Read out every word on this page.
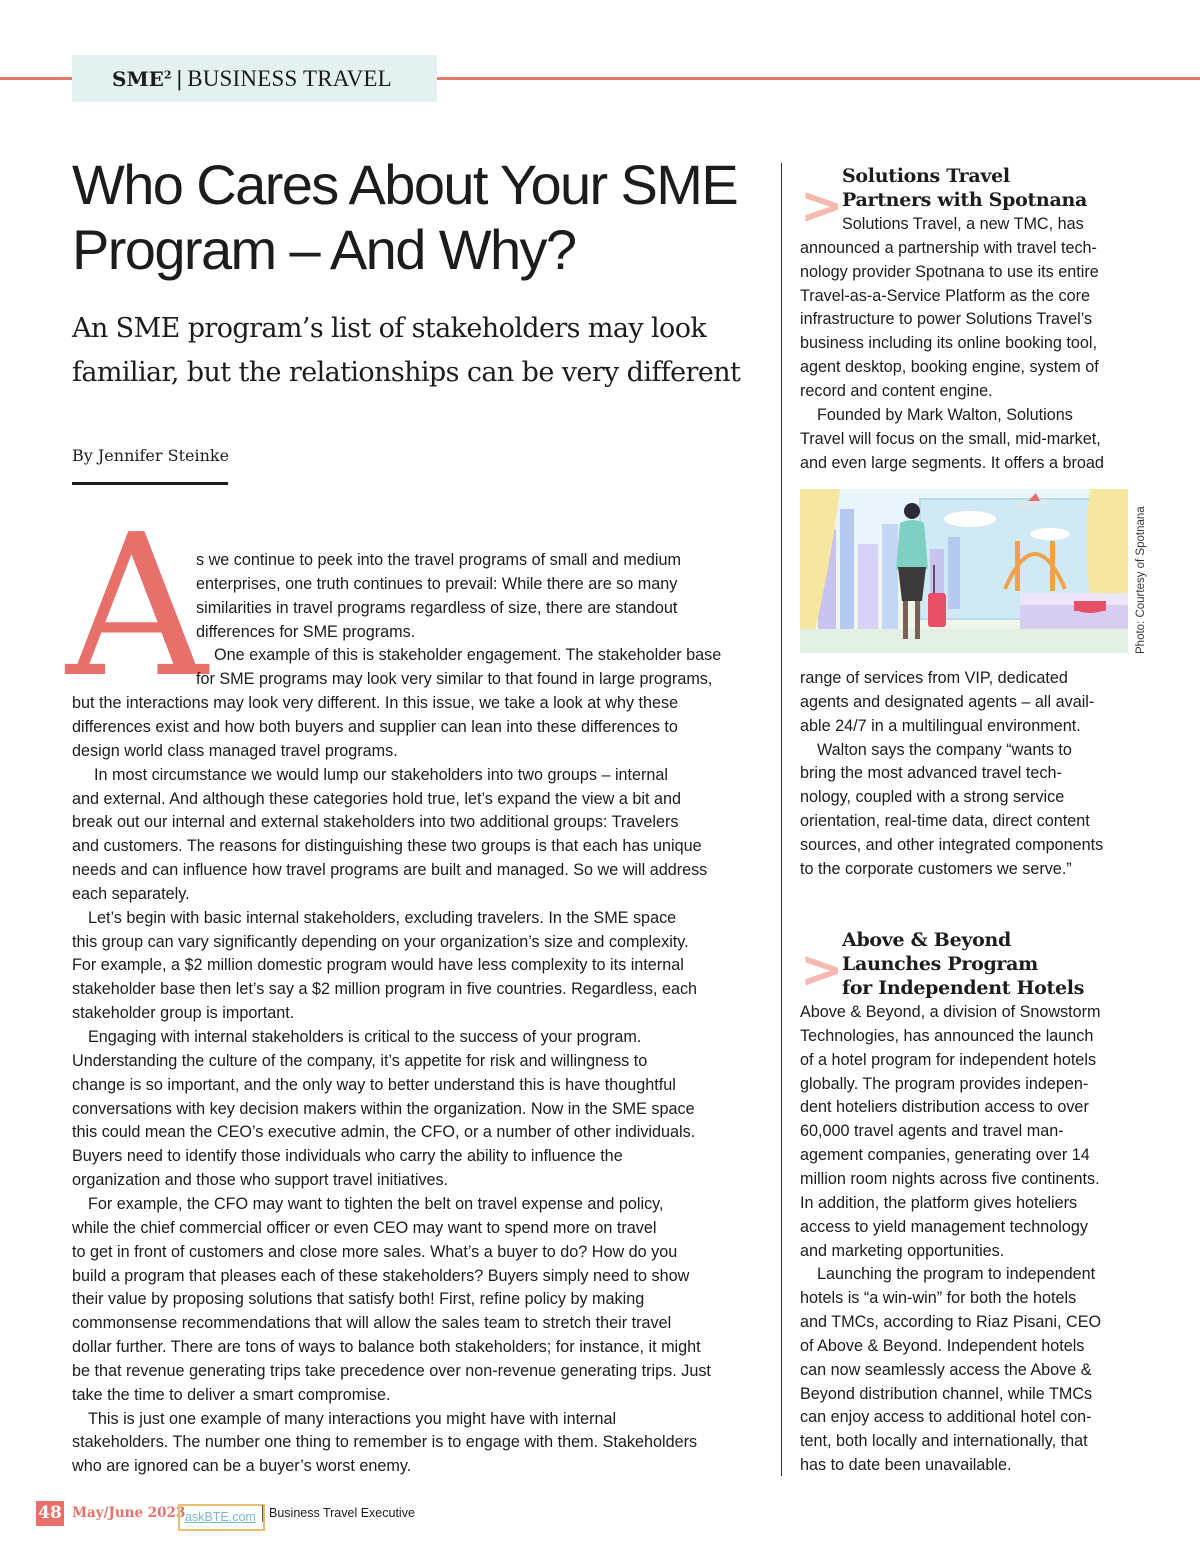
SME$^2$ | BUSINESS TRAVEL
Who Cares About Your SME
Program – And Why?
An SME program’s list of stakeholders may look
familiar, but the relationships can be very different
By Jennifer Steinke
A

s we continue to peek into the travel programs of small and medium

enterprises, one truth continues to prevail: While there are so many

similarities in travel programs regardless of size, there are standout

differences for SME programs.

One example of this is stakeholder engagement. The stakeholder base

for SME programs may look very similar to that found in large programs,

but the interactions may look very different. In this issue, we take a look at why these

differences exist and how both buyers and supplier can lean into these differences to

design world class managed travel programs.

In most circumstance we would lump our stakeholders into two groups – internal

and external. And although these categories hold true, let’s expand the view a bit and

break out our internal and external stakeholders into two additional groups: Travelers

and customers. The reasons for distinguishing these two groups is that each has unique

needs and can influence how travel programs are built and managed. So we will address

each separately.

Let’s begin with basic internal stakeholders, excluding travelers. In the SME space

this group can vary significantly depending on your organization’s size and complexity.

For example, a $2 million domestic program would have less complexity to its internal

stakeholder base then let’s say a $2 million program in five countries. Regardless, each

stakeholder group is important.

Engaging with internal stakeholders is critical to the success of your program.

Understanding the culture of the company, it’s appetite for risk and willingness to

change is so important, and the only way to better understand this is have thoughtful

conversations with key decision makers within the organization. Now in the SME space

this could mean the CEO’s executive admin, the CFO, or a number of other individuals.

Buyers need to identify those individuals who carry the ability to influence the

organization and those who support travel initiatives.

For example, the CFO may want to tighten the belt on travel expense and policy,

while the chief commercial officer or even CEO may want to spend more on travel

to get in front of customers and close more sales. What’s a buyer to do? How do you

build a program that pleases each of these stakeholders? Buyers simply need to show

their value by proposing solutions that satisfy both! First, refine policy by making

commonsense recommendations that will allow the sales team to stretch their travel

dollar further. There are tons of ways to balance both stakeholders; for instance, it might

be that revenue generating trips take precedence over non-revenue generating trips. Just

take the time to deliver a smart compromise.

This is just one example of many interactions you might have with internal

stakeholders. The number one thing to remember is to engage with them. Stakeholders

who are ignored can be a buyer’s worst enemy.

>
Solutions Travel
Partners with Spotnana

Solutions Travel, a new TMC, has

announced a partnership with travel tech-

nology provider Spotnana to use its entire

Travel-as-a-Service Platform as the core

infrastructure to power Solutions Travel’s

business including its online booking tool,

agent desktop, booking engine, system of

record and content engine.

Founded by Mark Walton, Solutions

Travel will focus on the small, mid-market,

and even large segments. It offers a broad

range of services from VIP, dedicated

agents and designated agents – all avail-

able 24/7 in a multilingual environment.

Walton says the company “wants to

bring the most advanced travel tech-

nology, coupled with a strong service

orientation, real-time data, direct content

sources, and other integrated components

to the corporate customers we serve.”

Photo: Courtesy of Spotnana
>
Above & Beyond
Launches Program
for Independent Hotels

Above & Beyond, a division of Snowstorm

Technologies, has announced the launch

of a hotel program for independent hotels

globally. The program provides indepen-

dent hoteliers distribution access to over

60,000 travel agents and travel man-

agement companies, generating over 14

million room nights across five continents.

In addition, the platform gives hoteliers

access to yield management technology

and marketing opportunities.

Launching the program to independent

hotels is “a win-win” for both the hotels

and TMCs, according to Riaz Pisani, CEO

of Above & Beyond. Independent hotels

can now seamlessly access the Above &

Beyond distribution channel, while TMCs

can enjoy access to additional hotel con-

tent, both locally and internationally, that

has to date been unavailable.

48 May/June 2023 askBTE.com	Business Travel Executive
